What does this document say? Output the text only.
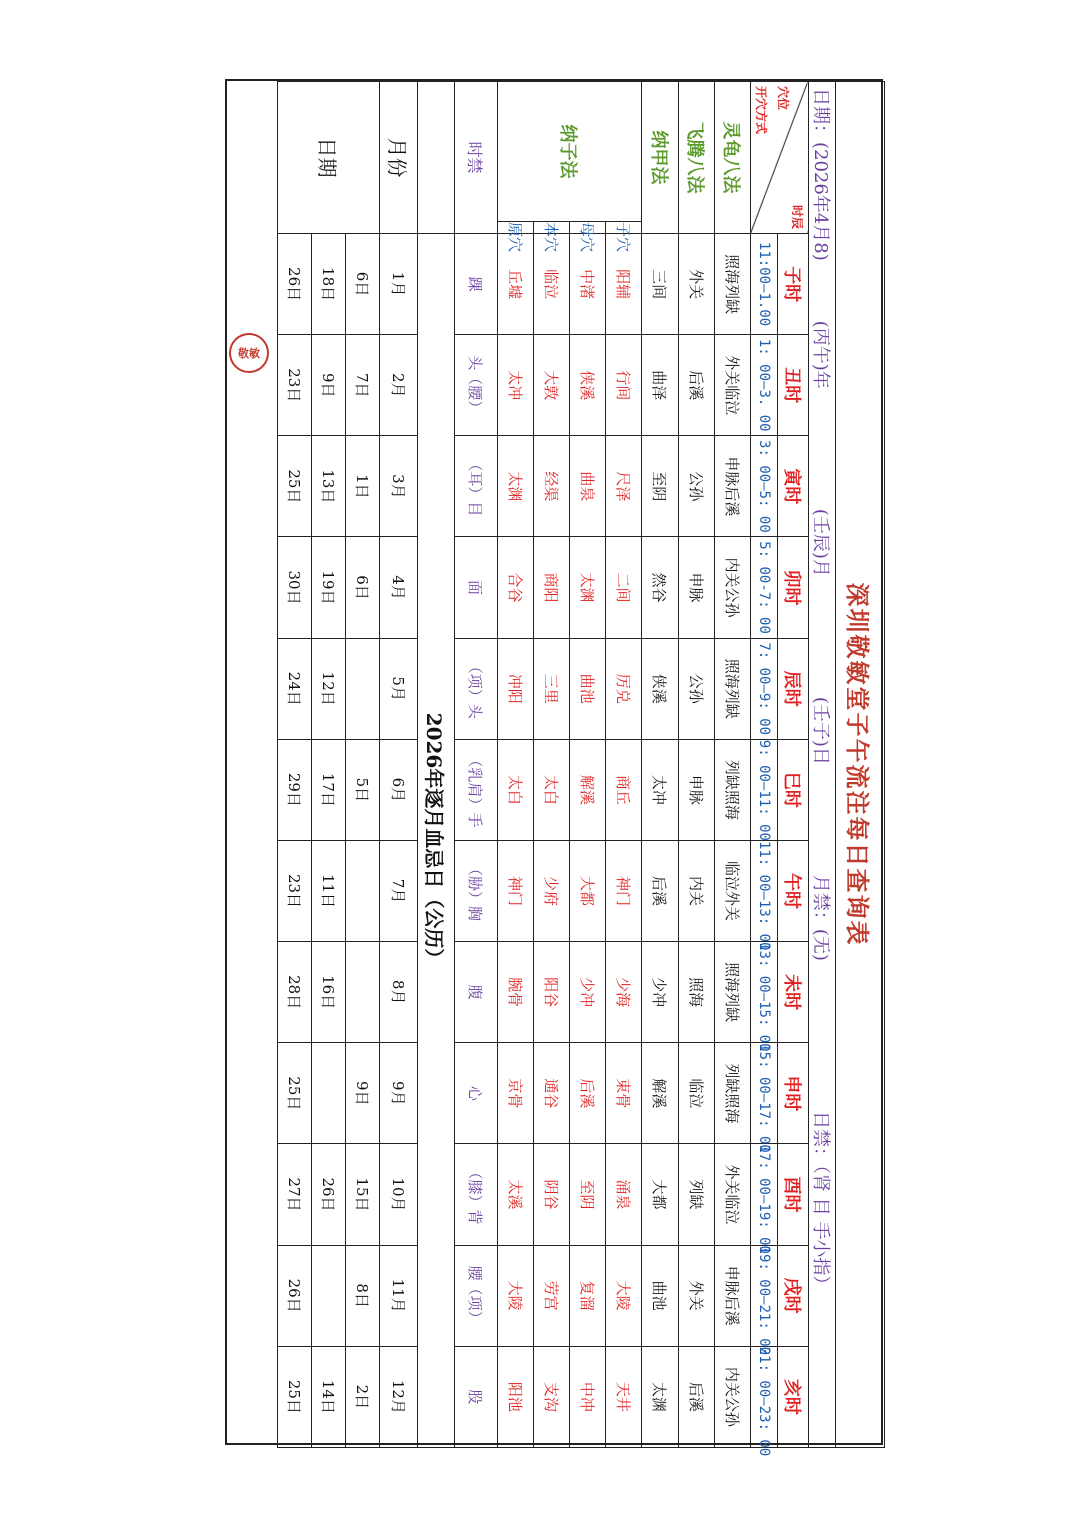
深圳敬敏堂子午流注每日查询表													
日期：(2026年4月8)(丙午)年(壬辰)月(壬子)日月禁：(无)日禁：（肾 目 手小指）													

时辰
穴位
开穴方式		子时	丑时	寅时	卯时	辰时	巳时	午时	未时	申时	酉时	戌时	亥时
		11:00—1.00	1: 00—3. 00	3: 00—5: 00	5: 00-7: 00	7: 00—9: 00	9: 00—11: 00	11: 00—13: 00	13: 00—15: 00	15: 00—17: 00	17: 00—19: 00	19: 00—21: 00	21: 00—23: 00
灵龟八法		照海列缺	外关临泣	申脉后溪	内关公孙	照海列缺	列缺照海	临泣外关	照海列缺	列缺照海	外关临泣	申脉后溪	内关公孙
飞腾八法		外关	后溪	公孙	申脉	公孙	申脉	内关	照海	临泣	列缺	外关	后溪
纳甲法		三间	曲泽	至阴	然谷	侠溪	太冲	后溪	少冲	解溪	大都	曲池	太渊
纳子法	子穴	阳辅	行间	尺泽	二间	厉兑	商丘	神门	少海	束骨	涌泉	大陵	天井
	母穴	中渚	侠溪	曲泉	太渊	曲池	解溪	大都	少冲	后溪	至阴	复溜	中冲
	本穴	临泣	大敦	经渠	商阳	三里	太白	少府	阳谷	通谷	阴谷	劳宫	支沟
	原穴	丘墟	太冲	太渊	合谷	冲阳	太白	神门	腕骨	京骨	太溪	大陵	阳池
时禁		踝	头（腰）	（耳）目	面	（项）头	（乳肩）手	（胁）胸	腹	心	（膝）背	腰（项）	股
		2026年逐月血忌日（公历）											
月份		1月	2月	3月	4月	5月	6月	7月	8月	9月	10月	11月	12月
日期		6日	7日	1日	6日		5日			9日	15日	8日	2日
		18日	9日	13日	19日	12日	17日	11日	16日		26日		14日
		26日	23日	25日	30日	24日	29日	23日	28日	25日	27日	26日	25日
敬敏
